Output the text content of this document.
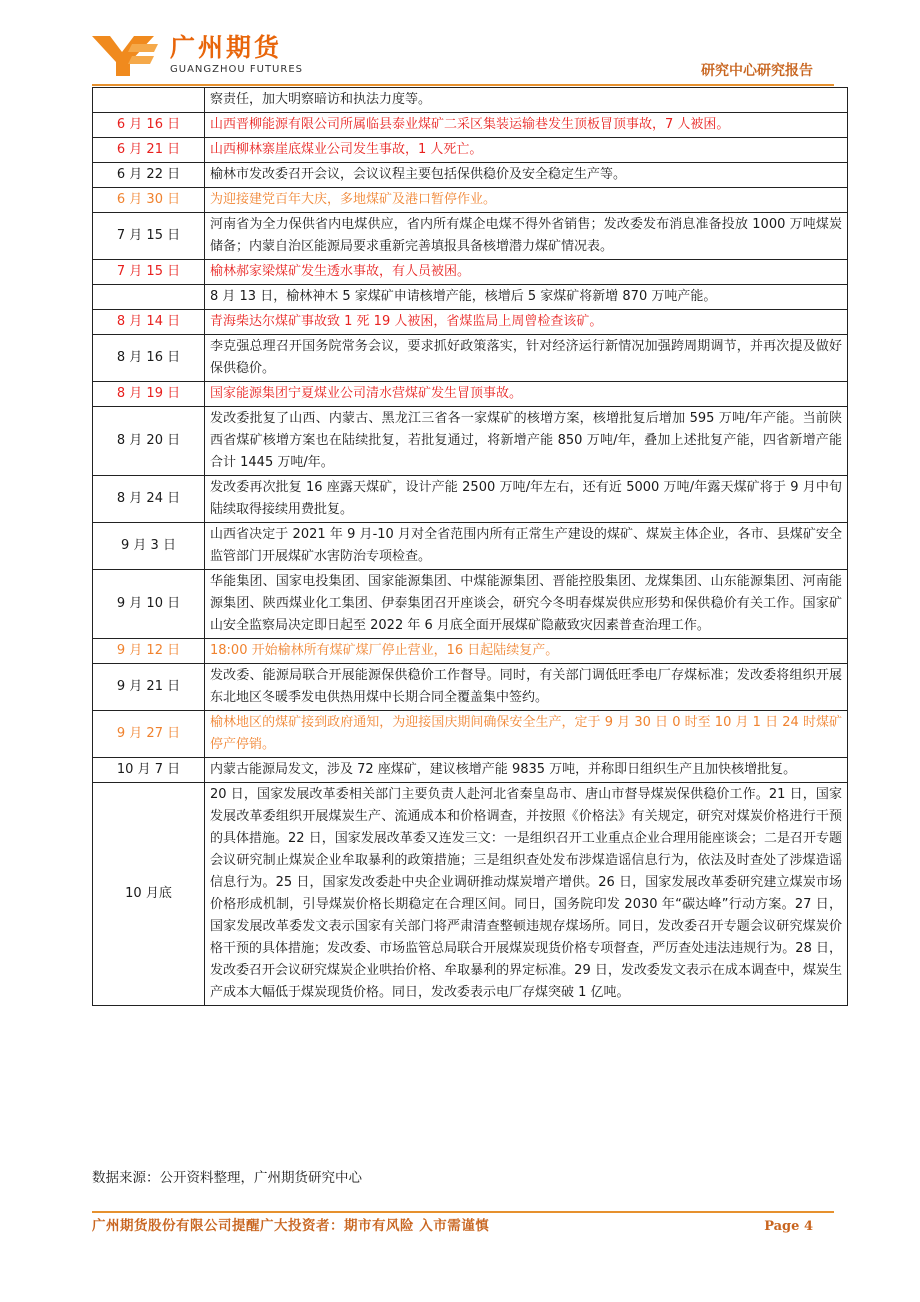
广州期货
GUANGZHOU FUTURES	研究中心研究报告
	察责任，加大明察暗访和执法力度等。
6 月 16 日	山西晋柳能源有限公司所属临县泰业煤矿二采区集装运输巷发生顶板冒顶事故，7 人被困。
6 月 21 日	山西柳林寨崖底煤业公司发生事故，1 人死亡。
6 月 22 日	榆林市发改委召开会议，会议议程主要包括保供稳价及安全稳定生产等。
6 月 30 日	为迎接建党百年大庆，多地煤矿及港口暂停作业。
7 月 15 日	河南省为全力保供省内电煤供应，省内所有煤企电煤不得外省销售；发改委发布消息准备投放 1000 万吨煤炭储备；内蒙自治区能源局要求重新完善填报具备核增潜力煤矿情况表。
7 月 15 日	榆林郝家梁煤矿发生透水事故，有人员被困。
	8 月 13 日，榆林神木 5 家煤矿申请核增产能，核增后 5 家煤矿将新增 870 万吨产能。
8 月 14 日	青海柴达尔煤矿事故致 1 死 19 人被困，省煤监局上周曾检查该矿。
8 月 16 日	李克强总理召开国务院常务会议，要求抓好政策落实，针对经济运行新情况加强跨周期调节，并再次提及做好保供稳价。
8 月 19 日	国家能源集团宁夏煤业公司清水营煤矿发生冒顶事故。
8 月 20 日	发改委批复了山西、内蒙古、黑龙江三省各一家煤矿的核增方案，核增批复后增加 595 万吨/年产能。当前陕西省煤矿核增方案也在陆续批复，若批复通过，将新增产能 850 万吨/年，叠加上述批复产能，四省新增产能合计 1445 万吨/年。
8 月 24 日	发改委再次批复 16 座露天煤矿，设计产能 2500 万吨/年左右，还有近 5000 万吨/年露天煤矿将于 9 月中旬陆续取得接续用费批复。
9 月 3 日	山西省决定于 2021 年 9 月-10 月对全省范围内所有正常生产建设的煤矿、煤炭主体企业，各市、县煤矿安全监管部门开展煤矿水害防治专项检查。
9 月 10 日	华能集团、国家电投集团、国家能源集团、中煤能源集团、晋能控股集团、龙煤集团、山东能源集团、河南能源集团、陕西煤业化工集团、伊泰集团召开座谈会，研究今冬明春煤炭供应形势和保供稳价有关工作。国家矿山安全监察局决定即日起至 2022 年 6 月底全面开展煤矿隐蔽致灾因素普查治理工作。
9 月 12 日	18:00 开始榆林所有煤矿煤厂停止营业，16 日起陆续复产。
9 月 21 日	发改委、能源局联合开展能源保供稳价工作督导。同时，有关部门调低旺季电厂存煤标准；发改委将组织开展东北地区冬暖季发电供热用煤中长期合同全覆盖集中签约。
9 月 27 日	榆林地区的煤矿接到政府通知，为迎接国庆期间确保安全生产，定于 9 月 30 日 0 时至 10 月 1 日 24 时煤矿停产停销。
10 月 7 日	内蒙古能源局发文，涉及 72 座煤矿，建议核增产能 9835 万吨，并称即日组织生产且加快核增批复。
10 月底	20 日，国家发展改革委相关部门主要负责人赴河北省秦皇岛市、唐山市督导煤炭保供稳价工作。21 日，国家发展改革委组织开展煤炭生产、流通成本和价格调查，并按照《价格法》有关规定，研究对煤炭价格进行干预的具体措施。22 日，国家发展改革委又连发三文：一是组织召开工业重点企业合理用能座谈会；二是召开专题会议研究制止煤炭企业牟取暴利的政策措施；三是组织查处发布涉煤造谣信息行为，依法及时查处了涉煤造谣信息行为。25 日，国家发改委赴中央企业调研推动煤炭增产增供。26 日，国家发展改革委研究建立煤炭市场价格形成机制，引导煤炭价格长期稳定在合理区间。同日，国务院印发 2030 年“碳达峰”行动方案。27 日，国家发展改革委发文表示国家有关部门将严肃清查整顿违规存煤场所。同日，发改委召开专题会议研究煤炭价格干预的具体措施；发改委、市场监管总局联合开展煤炭现货价格专项督查，严厉查处违法违规行为。28 日，发改委召开会议研究煤炭企业哄抬价格、牟取暴利的界定标准。29 日，发改委发文表示在成本调查中，煤炭生产成本大幅低于煤炭现货价格。同日，发改委表示电厂存煤突破 1 亿吨。
数据来源：公开资料整理，广州期货研究中心
广州期货股份有限公司提醒广大投资者：期市有风险 入市需谨慎	Page 4
